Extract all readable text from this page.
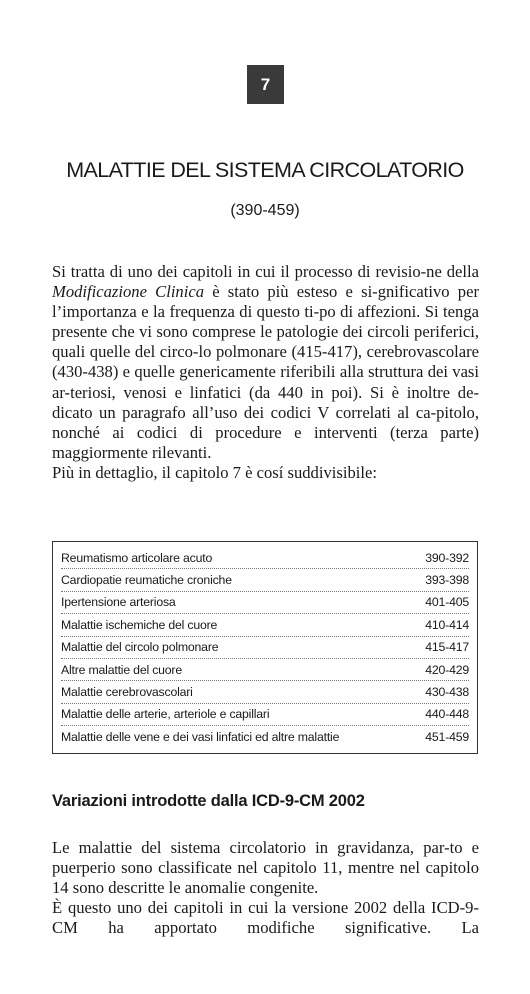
7
MALATTIE DEL SISTEMA CIRCOLATORIO
(390-459)

Si tratta di uno dei capitoli in cui il processo di revisio-ne della Modificazione Clinica è stato più esteso e si-gnificativo per l’importanza e la frequenza di questo ti-po di affezioni. Si tenga presente che vi sono comprese le patologie dei circoli periferici, quali quelle del circo-lo polmonare (415-417), cerebrovascolare (430-438) e quelle genericamente riferibili alla struttura dei vasi ar-teriosi, venosi e linfatici (da 440 in poi). Si è inoltre de-dicato un paragrafo all’uso dei codici V correlati al ca-pitolo, nonché ai codici di procedure e interventi (terza parte) maggiormente rilevanti.

Più in dettaglio, il capitolo 7 è cosí suddivisibile:

Reumatismo articolare acuto	390-392
Cardiopatie reumatiche croniche	393-398
Ipertensione arteriosa	401-405
Malattie ischemiche del cuore	410-414
Malattie del circolo polmonare	415-417
Altre malattie del cuore	420-429
Malattie cerebrovascolari	430-438
Malattie delle arterie, arteriole e capillari	440-448
Malattie delle vene e dei vasi linfatici ed altre malattie	451-459
Variazioni introdotte dalla ICD-9-CM 2002

Le malattie del sistema circolatorio in gravidanza, par-to e puerperio sono classificate nel capitolo 11, mentre nel capitolo 14 sono descritte le anomalie congenite.

È questo uno dei capitoli in cui la versione 2002 della ICD-9-CM ha apportato modifiche significative. La
